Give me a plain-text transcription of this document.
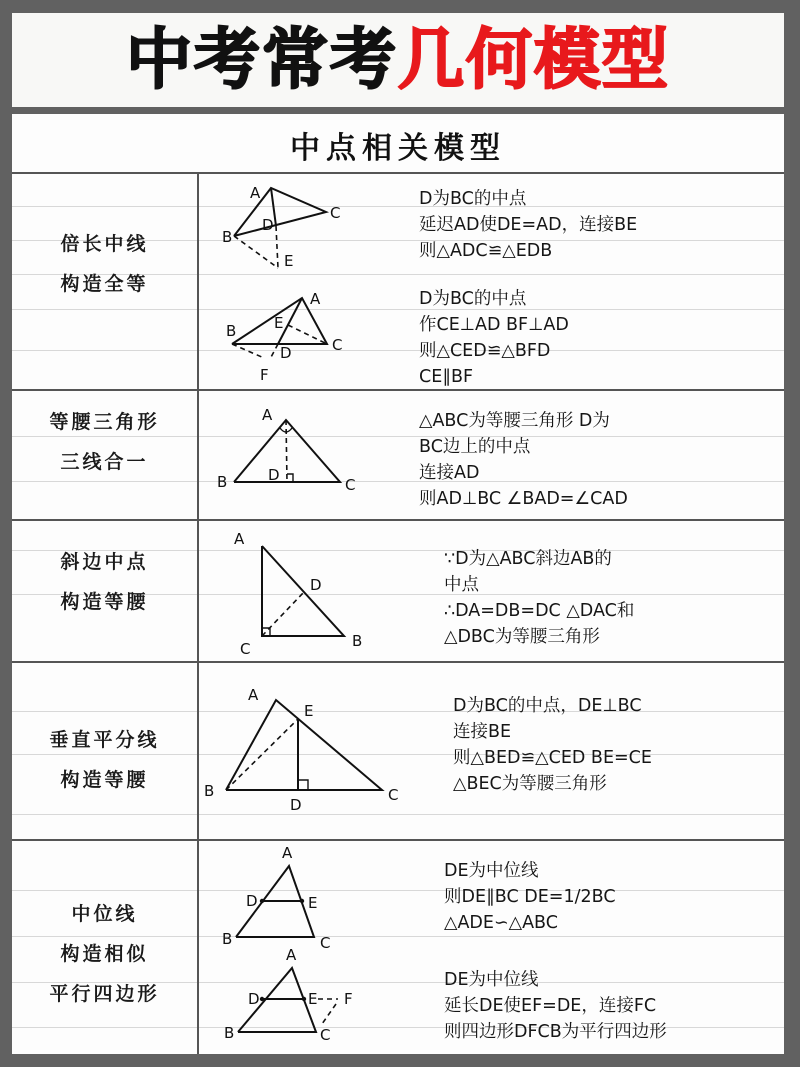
中考常考几何模型
中点相关模型
倍长中线
构造全等
A
B
C
D
E
D为BC的中点
延迟AD使DE=AD，连接BE
则△ADC≌△EDB
A
B
C
D
E
F
D为BC的中点
作CE⊥AD BF⊥AD
则△CED≌△BFD
CE∥BF
等腰三角形
三线合一
A
B	C
D
△ABC为等腰三角形 D为
BC边上的中点
连接AD
则AD⊥BC ∠BAD=∠CAD
斜边中点
构造等腰
A
C	B
D
∵D为△ABC斜边AB的
中点
∴DA=DB=DC △DAC和
△DBC为等腰三角形
垂直平分线
构造等腰
A
B	C
D
E	D为BC的中点，DE⊥BC
连接BE
则△BED≌△CED BE=CE
△BEC为等腰三角形
中位线
构造相似
平行四边形
A
B	C
D	E
DE为中位线
则DE∥BC DE=1/2BC
△ADE∽△ABC
A
B	C
D	E F
DE为中位线
延长DE使EF=DE，连接FC
则四边形DFCB为平行四边形
